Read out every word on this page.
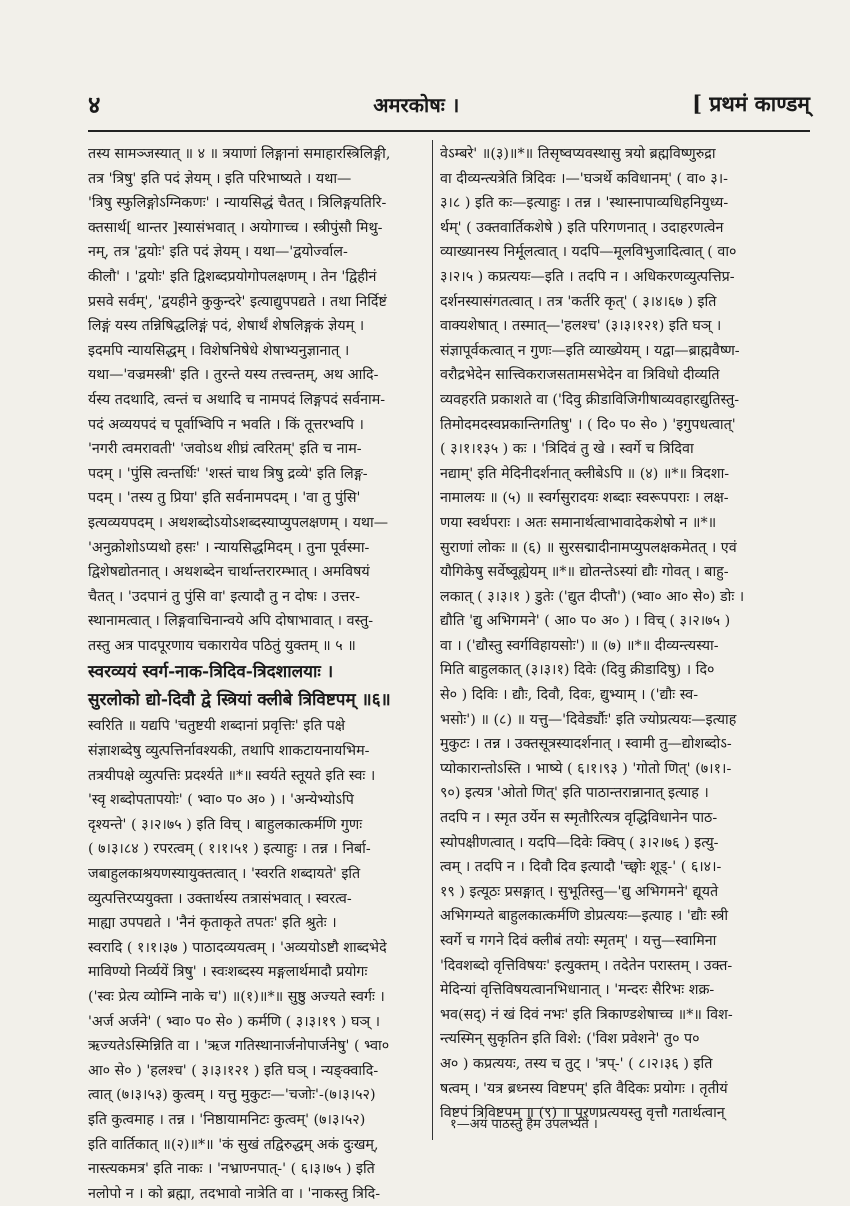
४	अमरकोषः ।	[ प्रथमं काण्डम्
तस्य सामञ्जस्यात् ॥ ४ ॥ त्रयाणां लिङ्गानां समाहारस्त्रिलिङ्गी,
तत्र 'त्रिषु' इति पदं ज्ञेयम् । इति परिभाष्यते । यथा—
'त्रिषु स्फुलिङ्गोऽग्निकणः' । न्यायसिद्धं चैतत् । त्रिलिङ्गयतिरि-
क्तसार्थ[ थान्तर ]स्यासंभवात् । अयोगाच्च । स्त्रीपुंसौ मिथु-
नम्, तत्र 'द्वयोः' इति पदं ज्ञेयम् । यथा—'द्वयोर्ज्वाल-
कीलौ' । 'द्वयोः' इति द्विशब्दप्रयोगोपलक्षणम् । तेन 'द्विहीनं
प्रसवे सर्वम्', 'द्वयहीने कुकुन्दरे' इत्याद्युपपद्यते । तथा निर्दिष्टं
लिङ्गं यस्य तन्निषिद्धलिङ्गं पदं, शेषार्थं शेषलिङ्गकं ज्ञेयम् ।
इदमपि न्यायसिद्धम् । विशेषनिषेधे शेषाभ्यनुज्ञानात् ।
यथा—'वज्रमस्त्री' इति । तुरन्ते यस्य तत्त्वन्तम्, अथ आदि-
र्यस्य तदथादि, त्वन्तं च अथादि च नामपदं लिङ्गपदं सर्वनाम-
पदं अव्ययपदं च पूर्वाभ्विपि न भवति । किं तूत्तरभ्वपि ।
'नगरी त्वमरावती' 'जवोऽथ शीघ्रं त्वरितम्' इति च नाम-
पदम् । 'पुंसि त्वन्तर्धिः' 'शस्तं चाथ त्रिषु द्रव्ये' इति लिङ्ग-
पदम् । 'तस्य तु प्रिया' इति सर्वनामपदम् । 'वा तु पुंसि'
इत्यव्ययपदम् । अथशब्दोऽयोऽशब्दस्याप्युपलक्षणम् । यथा—
'अनुक्रोशोऽप्यथो हसः' । न्यायसिद्धमिदम् । तुना पूर्वस्मा-
द्विशेषद्योतनात् । अथशब्देन चार्थान्तरारम्भात् । अमविषयं
चैतत् । 'उदपानं तु पुंसि वा' इत्यादौ तु न दोषः । उत्तर-
स्थानामत्वात् । लिङ्गवाचिनान्वये अपि दोषाभावात् । वस्तु-
तस्तु अत्र पादपूरणाय चकारायेव पठितुं युक्तम् ॥ ५ ॥
स्वरव्ययं स्वर्ग-नाक-त्रिदिव-त्रिदशालयाः ।
सुरलोको द्यो-दिवौ द्वे स्त्रियां क्लीबे त्रिविष्टपम् ॥६॥
स्वरिति ॥ यद्यपि 'चतुष्टयी शब्दानां प्रवृत्तिः' इति पक्षे
संज्ञाशब्देषु व्युत्पत्तिर्नावश्यकी, तथापि शाकटायनायभिम-
तत्रयीपक्षे व्युत्पत्तिः प्रदर्श्यते ॥*॥ स्वर्यते स्तूयते इति स्वः ।
'स्वृ शब्दोपतापयोः' ( भ्वा० प० अ० ) । 'अन्येभ्योऽपि
दृश्यन्ते' ( ३।२।७५ ) इति विच् । बाहुलकात्कर्मणि गुणः
( ७।३।८४ ) रपरत्वम् ( १।१।५१ ) इत्याहुः । तन्न । निर्बा-
जबाहुलकाश्रयणस्यायुक्तत्वात् । 'स्वरति शब्दायते' इति
व्युत्पत्तिरप्ययुक्ता । उक्तार्थस्य तत्रासंभवात् । स्वरत्व-
माह्या उपपद्यते । 'नैनं कृताकृते तपतः' इति श्रुतेः ।
स्वरादि ( १।१।३७ ) पाठादव्ययत्वम् । 'अव्ययोऽष्टौ शाब्दभेदे
माविण्यो निर्व्ययें त्रिषु' । स्वःशब्दस्य मङ्गलार्थमादौ प्रयोगः
('स्वः प्रेत्य व्योम्नि नाके च') ॥(१)॥*॥ सुष्ठु अज्यते स्वर्गः ।
'अर्ज अर्जने' ( भ्वा० प० से० ) कर्मणि ( ३।३।१९ ) घञ् ।
ऋज्यतेऽस्मिन्निति वा । 'ऋज गतिस्थानार्जनोपार्जनेषु' ( भ्वा०
आ० से० ) 'हलश्च' ( ३।३।१२१ ) इति घञ् । न्यङ्क्वादि-
त्वात् (७।३।५३) कुत्वम् । यत्तु मुकुटः—'चजोः'-(७।३।५२)
इति कुत्वमाह । तन्न । 'निष्ठायामनिटः कुत्वम्' (७।३।५२)
इति वार्तिकात् ॥(२)॥*॥ 'कं सुखं तद्विरुद्धम् अकं दुःखम्,
नास्त्यकमत्र' इति नाकः । 'नभ्राण्नपात्-' ( ६।३।७५ ) इति
नलोपो न । को ब्रह्मा, तदभावो नात्रेति वा । 'नाकस्तु त्रिदि-
वेऽम्बरे' ॥(३)॥*॥ तिसृष्वप्यवस्थासु त्रयो ब्रह्मविष्णुरुद्रा
वा दीव्यन्त्यत्रेति त्रिदिवः ।—'घञर्थे कविधानम्' ( वा० ३।-
३।८ ) इति कः—इत्याहुः । तन्न । 'स्थास्नापाव्यधिहनियुध्य-
र्थम्' ( उक्तवार्तिकशेषे ) इति परिगणनात् । उदाहरणत्वेन
व्याख्यानस्य निर्मूलत्वात् । यदपि—मूलविभुजादित्वात् ( वा०
३।२।५ ) कप्रत्ययः—इति । तदपि न । अधिकरणव्युत्पत्तिप्र-
दर्शनस्यासंगतत्वात् । तत्र 'कर्तरि कृत्' ( ३।४।६७ ) इति
वाक्यशेषात् । तस्मात्—'हलश्च' (३।३।१२१) इति घञ् ।
संज्ञापूर्वकत्वात् न गुणः—इति व्याख्येयम् । यद्वा—ब्राह्मवैष्ण-
वरौद्रभेदेन सात्त्विकराजसतामसभेदेन वा त्रिविधो दीव्यति
व्यवहरति प्रकाशते वा ('दिवु क्रीडाविजिगीषाव्यवहारद्युतिस्तु-
तिमोदमदस्वप्नकान्तिगतिषु' । ( दि० प० से० ) 'इगुपधत्वात्'
( ३।१।१३५ ) कः । 'त्रिदिवं तु खे । स्वर्गे च त्रिदिवा
नद्याम्' इति मेदिनीदर्शनात् क्लीबेऽपि ॥ (४) ॥*॥ त्रिदशा-
नामालयः ॥ (५) ॥ स्वर्गसुरादयः शब्दाः स्वरूपपराः । लक्ष-
णया स्वर्थपराः । अतः समानार्थत्वाभावादेकशेषो न ॥*॥
सुराणां लोकः ॥ (६) ॥ सुरसद्मादीनामप्युपलक्षकमेतत् । एवं
यौगिकेषु सर्वेष्वूह्येयम् ॥*॥ द्योतन्तेऽस्यां द्यौः गोवत् । बाहु-
लकात् ( ३।३।१ ) डुतेः ('द्युत दीप्तौ') (भ्वा० आ० से०) डोः ।
द्यौति 'द्यु अभिगमने' ( आ० प० अ० ) । विच् ( ३।२।७५ )
वा । ('द्यौस्तु स्वर्गविहायसोः') ॥ (७) ॥*॥ दीव्यन्त्यस्या-
मिति बाहुलकात् (३।३।१) दिवेः (दिवु क्रीडादिषु) । दि०
से० ) दिविः । द्यौः, दिवौ, दिवः, द्युभ्याम् । ('द्यौः स्व-
भसोः') ॥ (८) ॥ यत्तु—'दिवेर्ड्यौः' इति ज्योप्रत्ययः—इत्याह
मुकुटः । तन्न । उक्तसूत्रस्यादर्शनात् । स्वामी तु—द्योशब्दोऽ-
प्योकारान्तोऽस्ति । भाष्ये ( ६।१।९३ ) 'गोतो णित्' (७।१।-
९०) इत्यत्र 'ओतो णित्' इति पाठान्तरान्नानात् इत्याह ।
तदपि न । स्मृत उर्येन स स्मृतौरित्यत्र वृद्धिविधानेन पाठ-
स्योपक्षीणत्वात् । यदपि—दिवेः क्विप् ( ३।२।७६ ) इत्यु-
त्वम् । तदपि न । दिवौ दिव इत्यादौ 'च्छ्वोः शूड्-' ( ६।४।-
१९ ) इत्यूठः प्रसङ्गात् । सुभूतिस्तु—'द्यु अभिगमने' द्यूयते
अभिगम्यते बाहुलकात्कर्मणि डोप्रत्ययः—इत्याह । 'द्यौः स्त्री
स्वर्गे च गगने दिवं क्लीबं तयोः स्मृतम्' । यत्तु—स्वामिना
'दिवशब्दो वृत्तिविषयः' इत्युक्तम् । तदेतेन परास्तम् । उक्त-
मेदिन्यां वृत्तिविषयत्वानभिधानात् । 'मन्दरः सैरिभः शक्र-
भव(सद्) नं खं दिवं नभः' इति त्रिकाण्डशेषाच्च ॥*॥ विश-
न्त्यस्मिन् सुकृतिन इति विशे: ('विश प्रवेशने' तु० प०
अ० ) कप्रत्ययः, तस्य च तुट् । 'त्रप्-' ( ८।२।३६ ) इति
षत्वम् । 'यत्र ब्रध्नस्य विष्टपम्' इति वैदिकः प्रयोगः । तृतीयं
विष्टपं त्रिविष्टपम् ॥ (९) ॥ पूरणप्रत्ययस्तु वृत्तौ गतार्थत्वान्
१—अयं पाठस्तु हैम उपलभ्यते ।
